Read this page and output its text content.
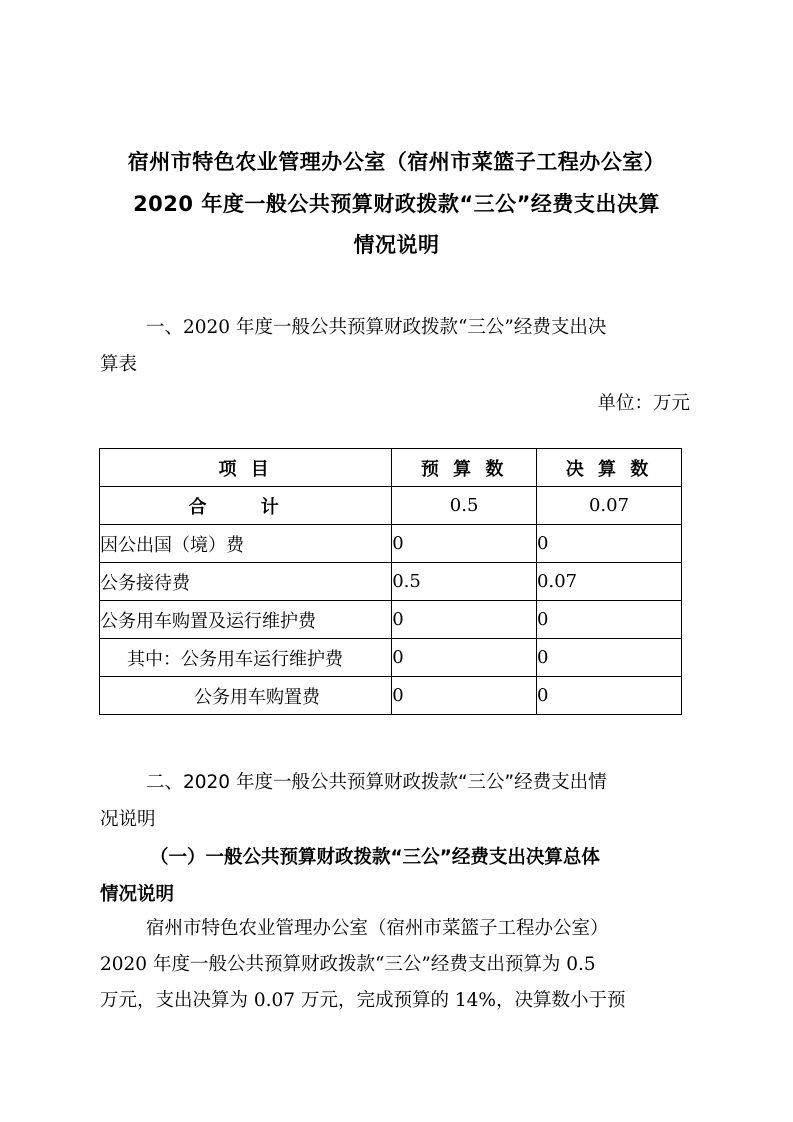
宿州市特色农业管理办公室（宿州市菜篮子工程办公室）
2020 年度一般公共预算财政拨款“三公”经费支出决算
情况说明
一、2020 年度一般公共预算财政拨款“三公”经费支出决
算表
单位：万元
项 目	预 算 数	决 算 数
合 计	0.5	0.07
因公出国（境）费	0	0
公务接待费	0.5	0.07
公务用车购置及运行维护费	0	0
其中：公务用车运行维护费	0	0
公务用车购置费	0	0
二、2020 年度一般公共预算财政拨款“三公”经费支出情
况说明
（一）一般公共预算财政拨款“三公”经费支出决算总体
情况说明
宿州市特色农业管理办公室（宿州市菜篮子工程办公室）
2020 年度一般公共预算财政拨款“三公”经费支出预算为 0.5
万元，支出决算为 0.07 万元，完成预算的 14%，决算数小于预
